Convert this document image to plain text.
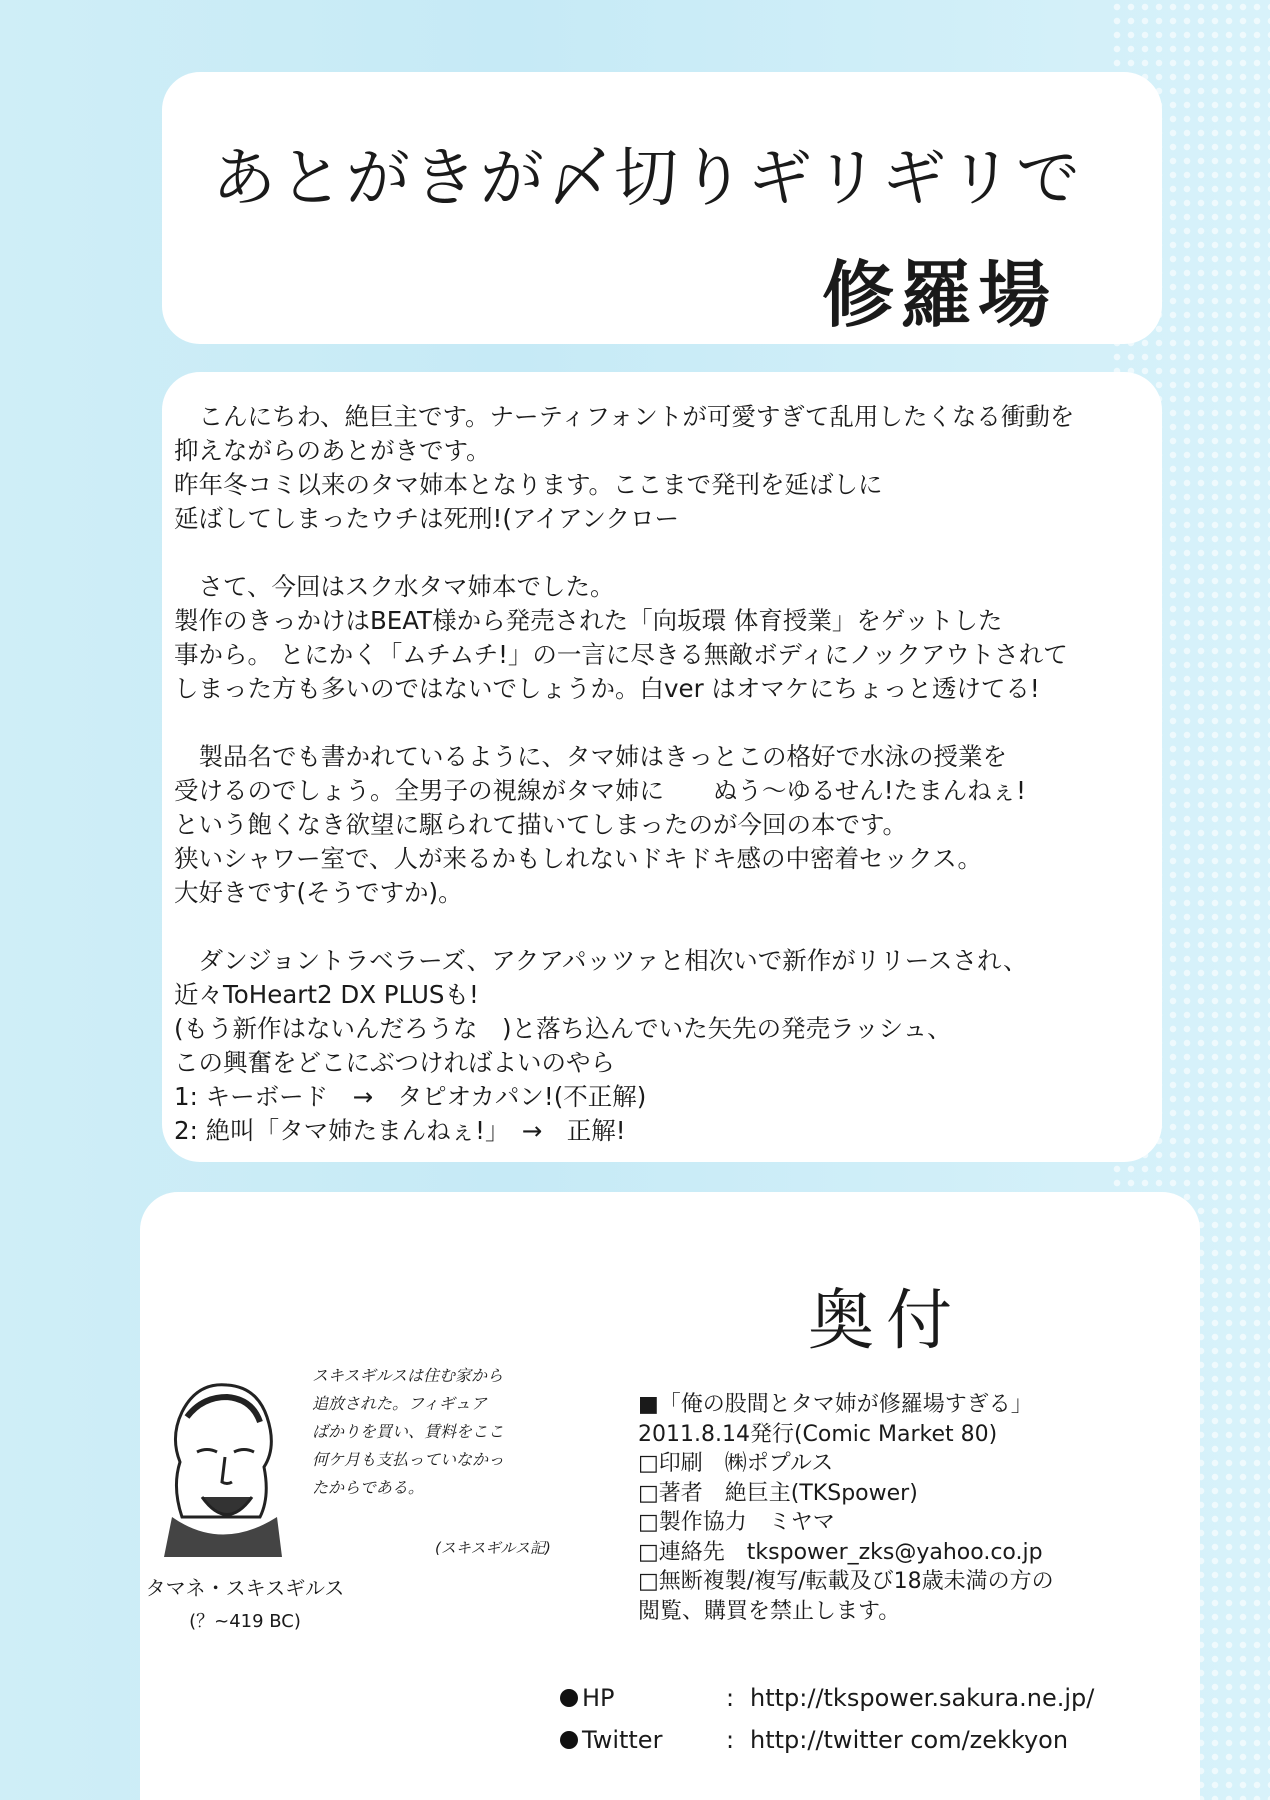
あとがきが〆切りギリギリで
修羅場
　こんにちわ、絶巨主です。ナーティフォントが可愛すぎて乱用したくなる衝動を
抑えながらのあとがきです。
昨年冬コミ以来のタマ姉本となります。ここまで発刊を延ばしに
延ばしてしまったウチは死刑!(アイアンクロー
　さて、今回はスク水タマ姉本でした。
製作のきっかけはBEAT様から発売された「向坂環 体育授業」をゲットした
事から。 とにかく「ムチムチ!」の一言に尽きる無敵ボディにノックアウトされて
しまった方も多いのではないでしょうか。白ver はオマケにちょっと透けてる!
　製品名でも書かれているように、タマ姉はきっとこの格好で水泳の授業を
受けるのでしょう。全男子の視線がタマ姉に　　ぬう～ゆるせん!たまんねぇ!
という飽くなき欲望に駆られて描いてしまったのが今回の本です。
狭いシャワー室で、人が来るかもしれないドキドキ感の中密着セックス。
大好きです(そうですか)。
　ダンジョントラベラーズ、アクアパッツァと相次いで新作がリリースされ、
近々ToHeart2 DX PLUSも!
(もう新作はないんだろうな　)と落ち込んでいた矢先の発売ラッシュ、
この興奮をどこにぶつければよいのやら
1: キーボード　→　タピオカパン!(不正解)
2: 絶叫「タマ姉たまんねぇ!」　→　正解!
奥付
タマネ・スキスギルス
(？~419 BC)
スキスギルスは住む家から
追放された。フィギュア
ばかりを買い、賃料をここ
何ケ月も支払っていなかっ
たからである。
(スキスギルス記)
■「俺の股間とタマ姉が修羅場すぎる」
2011.8.14発行(Comic Market 80)
□印刷　㈱ポプルス
□著者　絶巨主(TKSpower)
□製作協力　ミヤマ
□連絡先　tkspower_zks@yahoo.co.jp
□無断複製/複写/転載及び18歳未満の方の
閲覧、購買を禁止します。
HP	: http://tkspower.sakura.ne.jp/
Twitter	: http://twitter com/zekkyon
